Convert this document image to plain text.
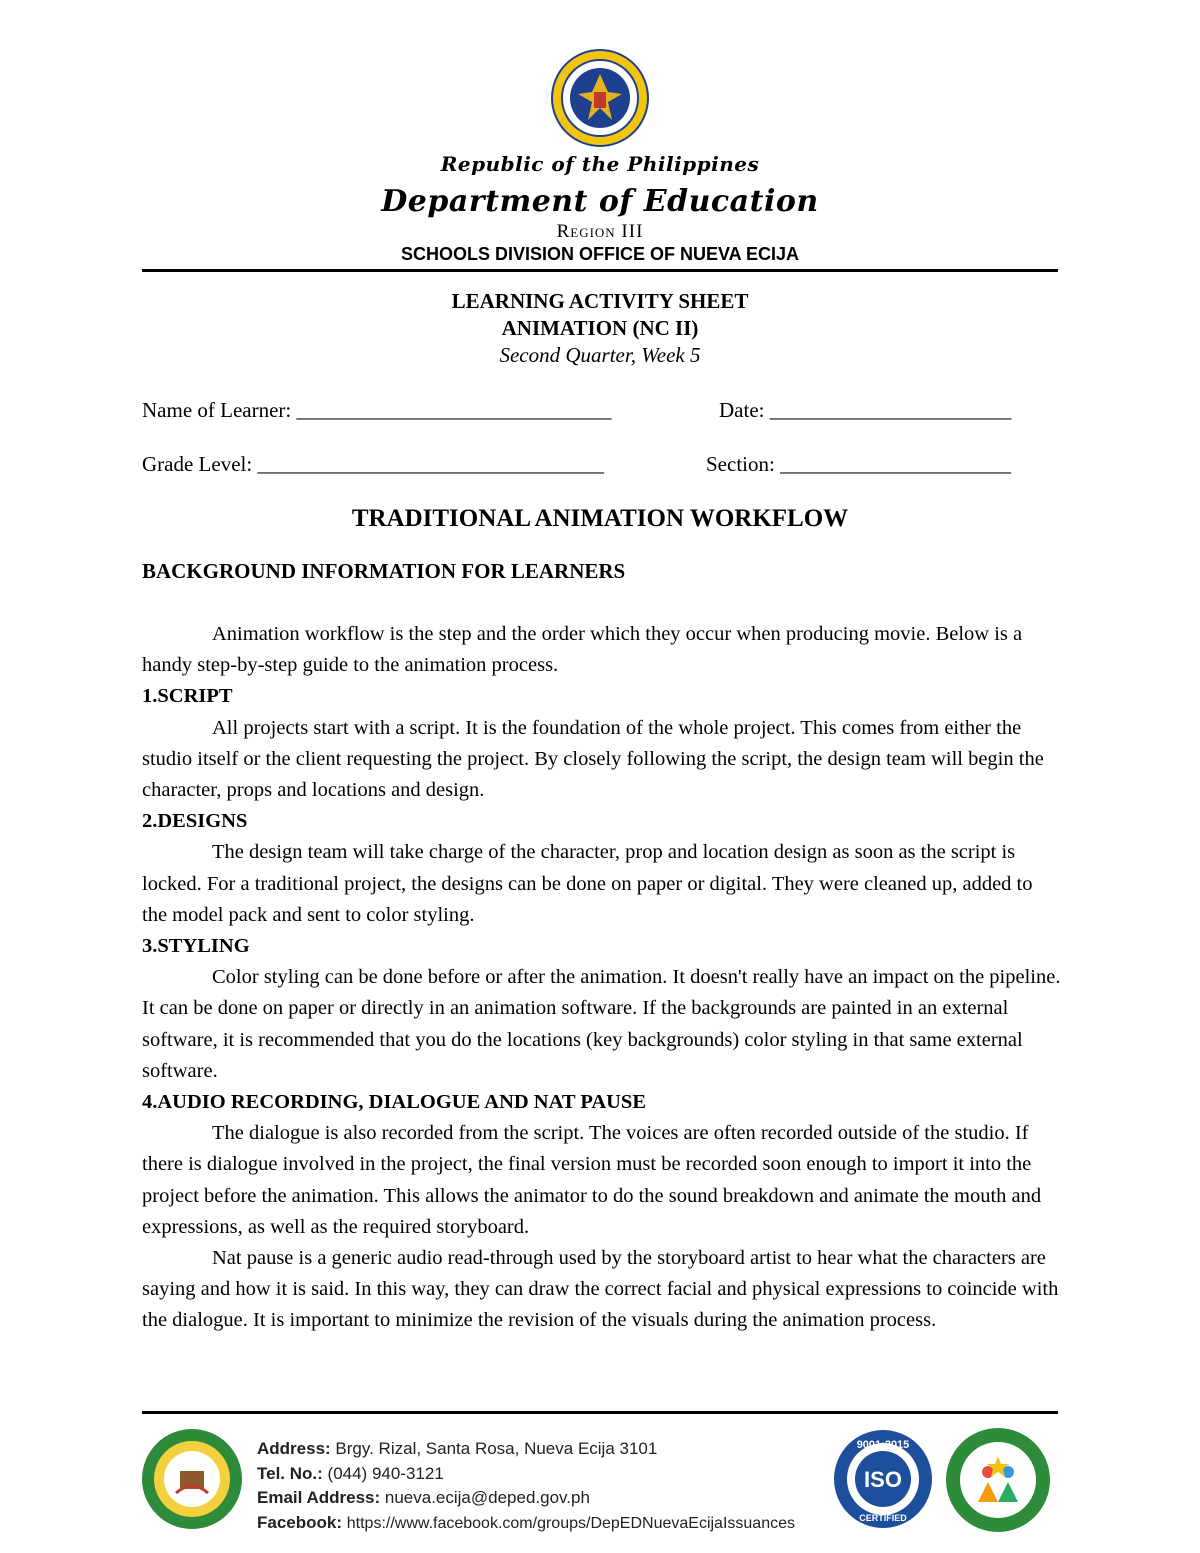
Republic of the Philippines
Department of Education
Region III
SCHOOLS DIVISION OFFICE OF NUEVA ECIJA
LEARNING ACTIVITY SHEET
ANIMATION (NC II)
Second Quarter, Week 5
Name of Learner: ______________________________	Date: _______________________
Grade Level: _________________________________	Section: ______________________
TRADITIONAL ANIMATION WORKFLOW
BACKGROUND INFORMATION FOR LEARNERS

Animation workflow is the step and the order which they occur when producing movie. Below is a handy step-by-step guide to the animation process.

1.SCRIPT

All projects start with a script. It is the foundation of the whole project. This comes from either the studio itself or the client requesting the project. By closely following the script, the design team will begin the character, props and locations and design.

2.DESIGNS

The design team will take charge of the character, prop and location design as soon as the script is locked. For a traditional project, the designs can be done on paper or digital. They were cleaned up, added to the model pack and sent to color styling.

3.STYLING

Color styling can be done before or after the animation. It doesn't really have an impact on the pipeline. It can be done on paper or directly in an animation software. If the backgrounds are painted in an external software, it is recommended that you do the locations (key backgrounds) color styling in that same external software.

4.AUDIO RECORDING, DIALOGUE AND NAT PAUSE

The dialogue is also recorded from the script. The voices are often recorded outside of the studio. If there is dialogue involved in the project, the final version must be recorded soon enough to import it into the project before the animation. This allows the animator to do the sound breakdown and animate the mouth and expressions, as well as the required storyboard.

Nat pause is a generic audio read-through used by the storyboard artist to hear what the characters are saying and how it is said. In this way, they can draw the correct facial and physical expressions to coincide with the dialogue. It is important to minimize the revision of the visuals during the animation process.

Address: Brgy. Rizal, Santa Rosa, Nueva Ecija 3101
Tel. No.: (044) 940-3121
Email Address: nueva.ecija@deped.gov.ph
Facebook: https://www.facebook.com/groups/DepEDNuevaEcijaIssuances
9001:2015
ISO
CERTIFIED
